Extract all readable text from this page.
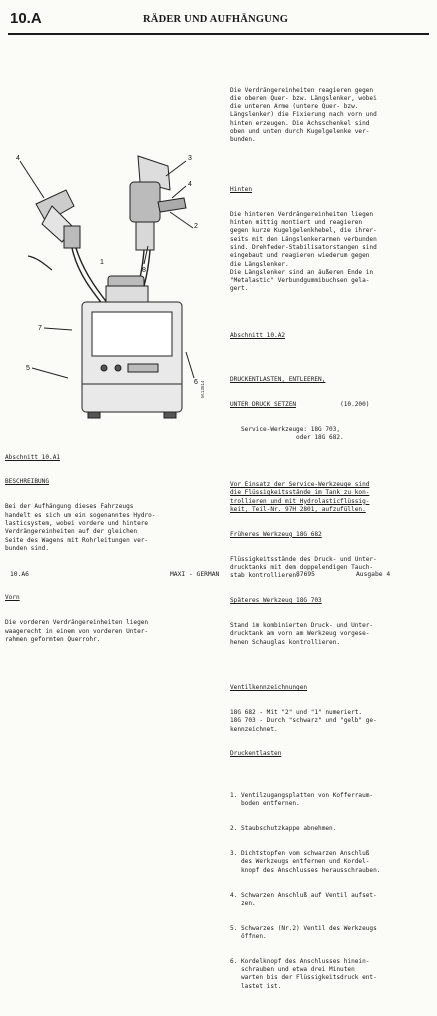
10.A	RÄDER UND AUFHÄNGUNG
4	3
4
2
8
1
7
5
6 M.13514

Abschnitt 10.A1

BESCHREIBUNG

Bei der Aufhängung dieses Fahrzeugs
handelt es sich um ein sogenanntes Hydro-
lasticsystem, wobei vordere und hintere
Verdrängereinheiten auf der gleichen
Seite des Wagens mit Rohrleitungen ver-
bunden sind.

Vorn

Die vorderen Verdrängereinheiten liegen
waagerecht in einem von vorderen Unter-
rahmen geformten Querrohr.

Die Verdrängereinheiten reagieren gegen
die oberen Quer- bzw. Längslenker, wobei
die unteren Arme (untere Quer- bzw.
Längslenker) die Fixierung nach vorn und
hinten erzeugen. Die Achsschenkel sind
oben und unten durch Kugelgelenke ver-
bunden.

Hinten

Die hinteren Verdrängereinheiten liegen
hinten mittig montiert und reagieren
gegen kurze Kugelgelenkhebel, die ihrer-
seits mit den Längslenkerarmen verbunden
sind. Drehfeder-Stabilisatorstangen sind
eingebaut und reagieren wiederum gegen
die Längslenker.
Die Längslenker sind an äußeren Ende in
"Metalastic" Verbundgummibuchsen gela-
gert.

Abschnitt 10.A2

DRUCKENTLASTEN, ENTLEEREN,

UNTER DRUCK SETZEN	(10.200)

Service-Werkzeuge: 18G 703,
oder 18G 682.

Vor Einsatz der Service-Werkzeuge sind
die Flüssigkeitsstände im Tank zu kon-
trollieren und mit Hydrolasticflüssig-
keit, Teil-Nr. 97H 2801, aufzufüllen.

Früheres Werkzeug 18G 682

Flüssigkeitsstände des Druck- und Unter-
drucktanks mit dem doppelendigen Tauch-
stab kontrollieren.

Späteres Werkzeug 18G 703

Stand im kombinierten Druck- und Unter-
drucktank am vorn am Werkzeug vorgese-
henen Schauglas kontrollieren.

Ventilkennzeichnungen

18G 682 - Mit "2" und "1" numeriert.
18G 703 - Durch "schwarz" und "gelb" ge-
kennzeichnet.

Druckentlasten

1. Ventilzugangsplatten von Kofferraum-
boden entfernen.

2. Staubschutzkappe abnehmen.

3. Dichtstopfen vom schwarzen Anschluß
des Werkzeugs entfernen und Kordel-
knopf des Anschlusses herausschrauben.

4. Schwarzen Anschluß auf Ventil aufset-
zen.

5. Schwarzes (Nr.2) Ventil des Werkzeugs
öffnen.

6. Kordelknopf des Anschlusses hinein-
schrauben und etwa drei Minuten
warten bis der Flüssigkeitsdruck ent-
lastet ist.

10.A6	MAXI - GERMAN	87695	Ausgabe 4
